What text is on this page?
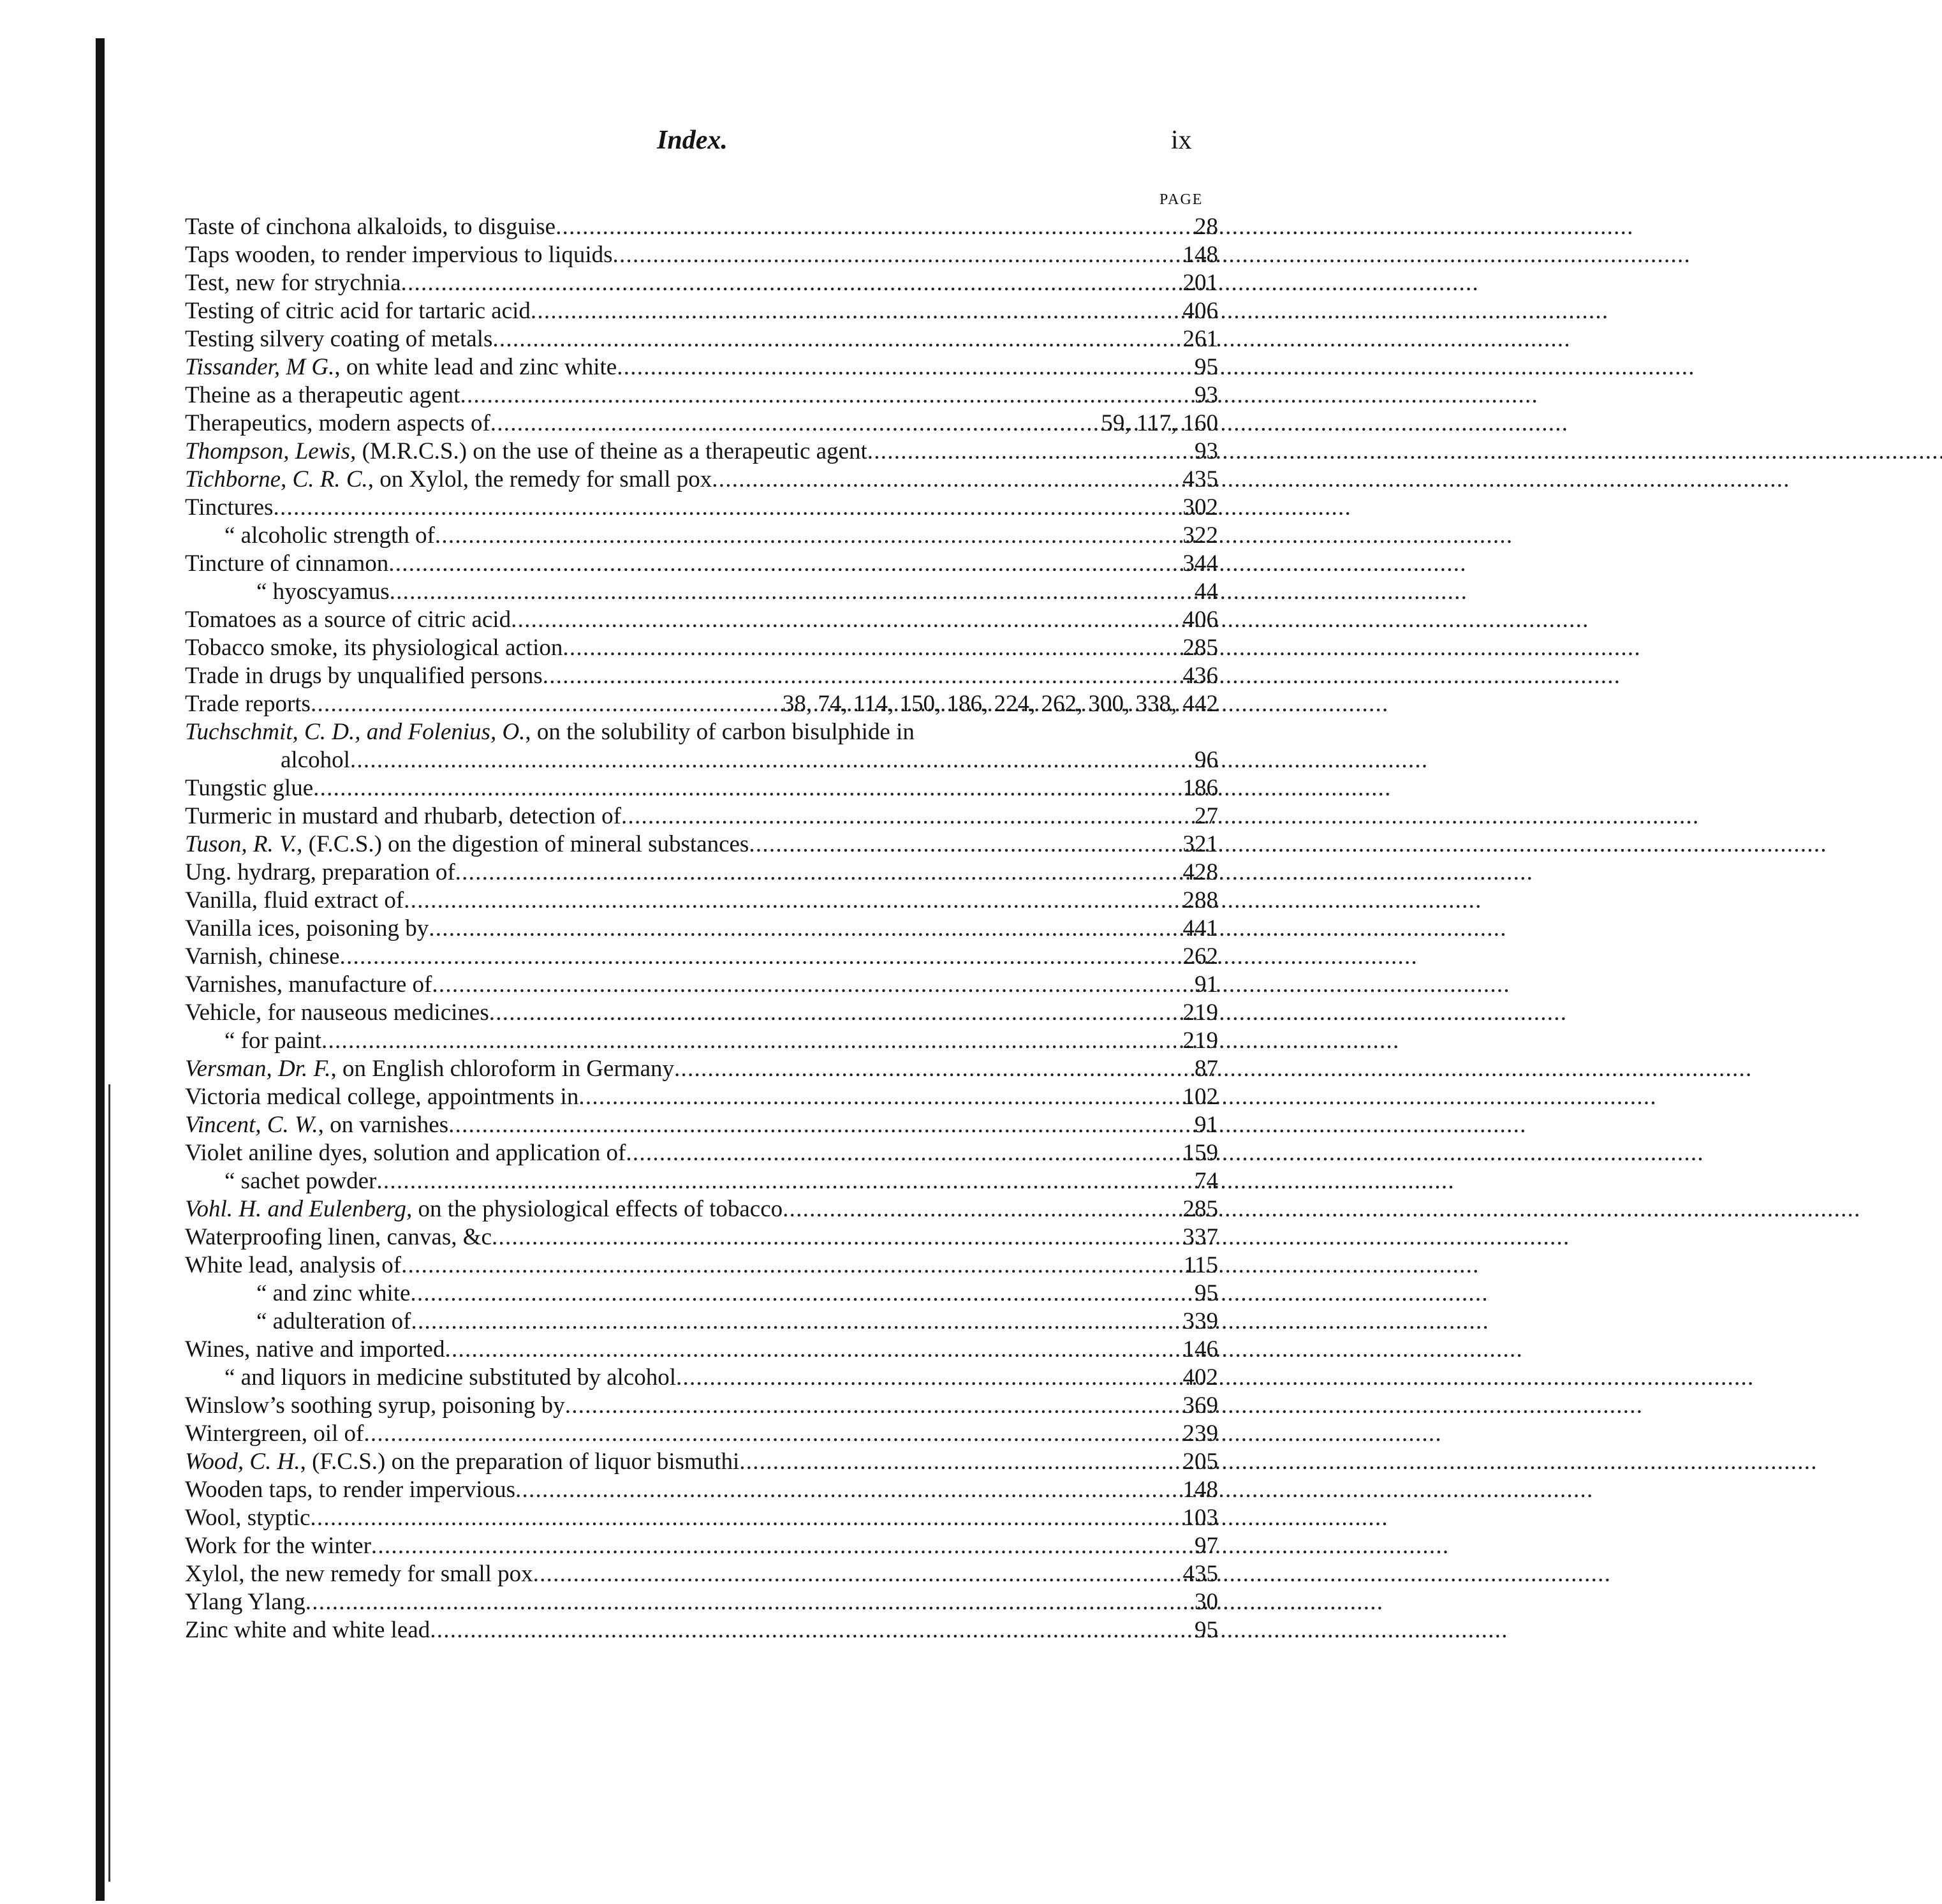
Index.	ix
PAGE
Taste of cinchona alkaloids, to disguise . . .	28
Taps wooden, to render impervious to liquids . . .	148
Test, new for strychnia . . .	201
Testing of citric acid for tartaric acid . . .	406
Testing silvery coating of metals . . .	261
Tissander, M G., on white lead and zinc white . . .	95
Theine as a therapeutic agent . . .	93
Therapeutics, modern aspects of . . .	59, 117, 160
Thompson, Lewis, (M.R.C.S.) on the use of theine as a therapeutic agent . . .	93
Tichborne, C. R. C., on Xylol, the remedy for small pox . . .	435
Tinctures . . .	302
“ alcoholic strength of . . .	322
Tincture of cinnamon . . .	344
“ hyoscyamus . . .	44
Tomatoes as a source of citric acid . . .	406
Tobacco smoke, its physiological action . . .	285
Trade in drugs by unqualified persons . . .	436
Trade reports . . .	38, 74, 114, 150, 186, 224, 262, 300, 338, 442
Tuchschmit, C. D., and Folenius, O., on the solubility of carbon bisulphide in
alcohol . . .	96
Tungstic glue . . .	186
Turmeric in mustard and rhubarb, detection of . . .	27
Tuson, R. V., (F.C.S.) on the digestion of mineral substances . . .	321
Ung. hydrarg, preparation of . . .	428
Vanilla, fluid extract of . . .	288
Vanilla ices, poisoning by . . .	441
Varnish, chinese . . .	262
Varnishes, manufacture of . . .	91
Vehicle, for nauseous medicines . . .	219
“ for paint . . .	219
Versman, Dr. F., on English chloroform in Germany . . .	87
Victoria medical college, appointments in . . .	102
Vincent, C. W., on varnishes . . .	91
Violet aniline dyes, solution and application of . . .	159
“ sachet powder . . .	74
Vohl. H. and Eulenberg, on the physiological effects of tobacco . . .	285
Waterproofing linen, canvas, &c . . .	337
White lead, analysis of . . .	115
“ and zinc white . . .	95
“ adulteration of . . .	339
Wines, native and imported . . .	146
“ and liquors in medicine substituted by alcohol . . .	402
Winslow’s soothing syrup, poisoning by . . .	369
Wintergreen, oil of . . .	239
Wood, C. H., (F.C.S.) on the preparation of liquor bismuthi . . .	205
Wooden taps, to render impervious . . .	148
Wool, styptic . . .	103
Work for the winter . . .	97
Xylol, the new remedy for small pox . . .	435
Ylang Ylang . . .	30
Zinc white and white lead . . .	95
